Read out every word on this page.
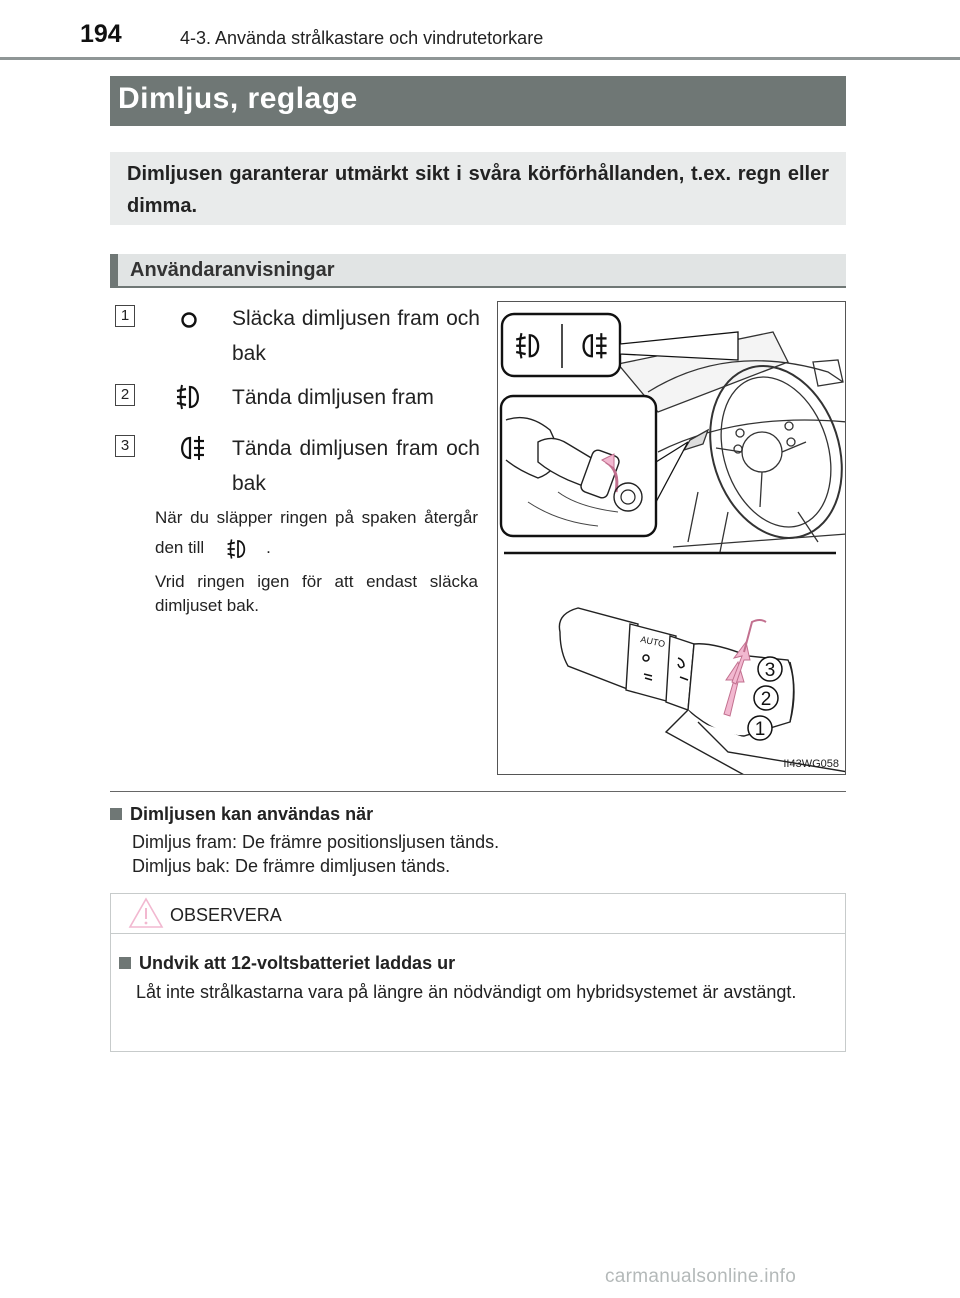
194	4-3. Använda strålkastare och vindrutetorkare
Dimljus, reglage

Dimljusen garanterar utmärkt sikt i svåra körförhållanden, t.ex. regn eller dimma.

Användaranvisningar
1	Släcka dimljusen fram och bak
2	Tända dimljusen fram
3	Tända dimljusen fram och bak

När du släpper ringen på spaken återgår den till	.

Vrid ringen igen för att endast släcka dimljuset bak.

AUTO
3
2
1
II43WG058
Dimljusen kan användas när
Dimljus fram: De främre positionsljusen tänds.
Dimljus bak: De främre dimljusen tänds.
OBSERVERA
Undvik att 12-voltsbatteriet laddas ur

Låt inte strålkastarna vara på längre än nödvändigt om hybridsystemet är avstängt.

carmanualsonline.info
